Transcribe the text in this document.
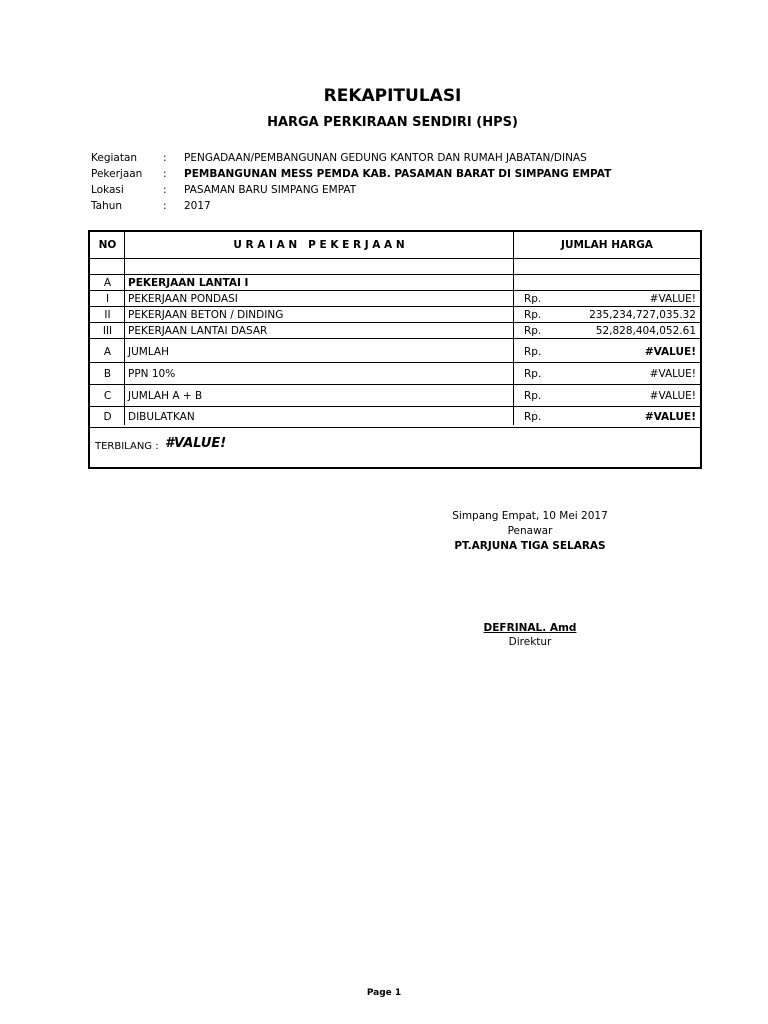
REKAPITULASI
HARGA PERKIRAAN SENDIRI (HPS)
Kegiatan : PENGADAAN/PEMBANGUNAN GEDUNG KANTOR DAN RUMAH JABATAN/DINAS
Pekerjaan : PEMBANGUNAN MESS PEMDA KAB. PASAMAN BARAT DI SIMPANG EMPAT
Lokasi	: PASAMAN BARU SIMPANG EMPAT
Tahun	: 2017
NO	U R A I A N   P E K E R J A A N	JUMLAH HARGA
A	PEKERJAAN LANTAI I
I	PEKERJAAN PONDASI	Rp.	#VALUE!
II	PEKERJAAN BETON / DINDING	Rp.	235,234,727,035.32
III	PEKERJAAN LANTAI DASAR	Rp.	52,828,404,052.61
A	JUMLAH	Rp.	#VALUE!
B	PPN 10%	Rp.	#VALUE!
C	JUMLAH A + B	Rp.	#VALUE!
D	DIBULATKAN	Rp.	#VALUE!
TERBILANG : #VALUE!
Simpang Empat, 10 Mei 2017
Penawar
PT.ARJUNA TIGA SELARAS
DEFRINAL. Amd
Direktur
Page 1
